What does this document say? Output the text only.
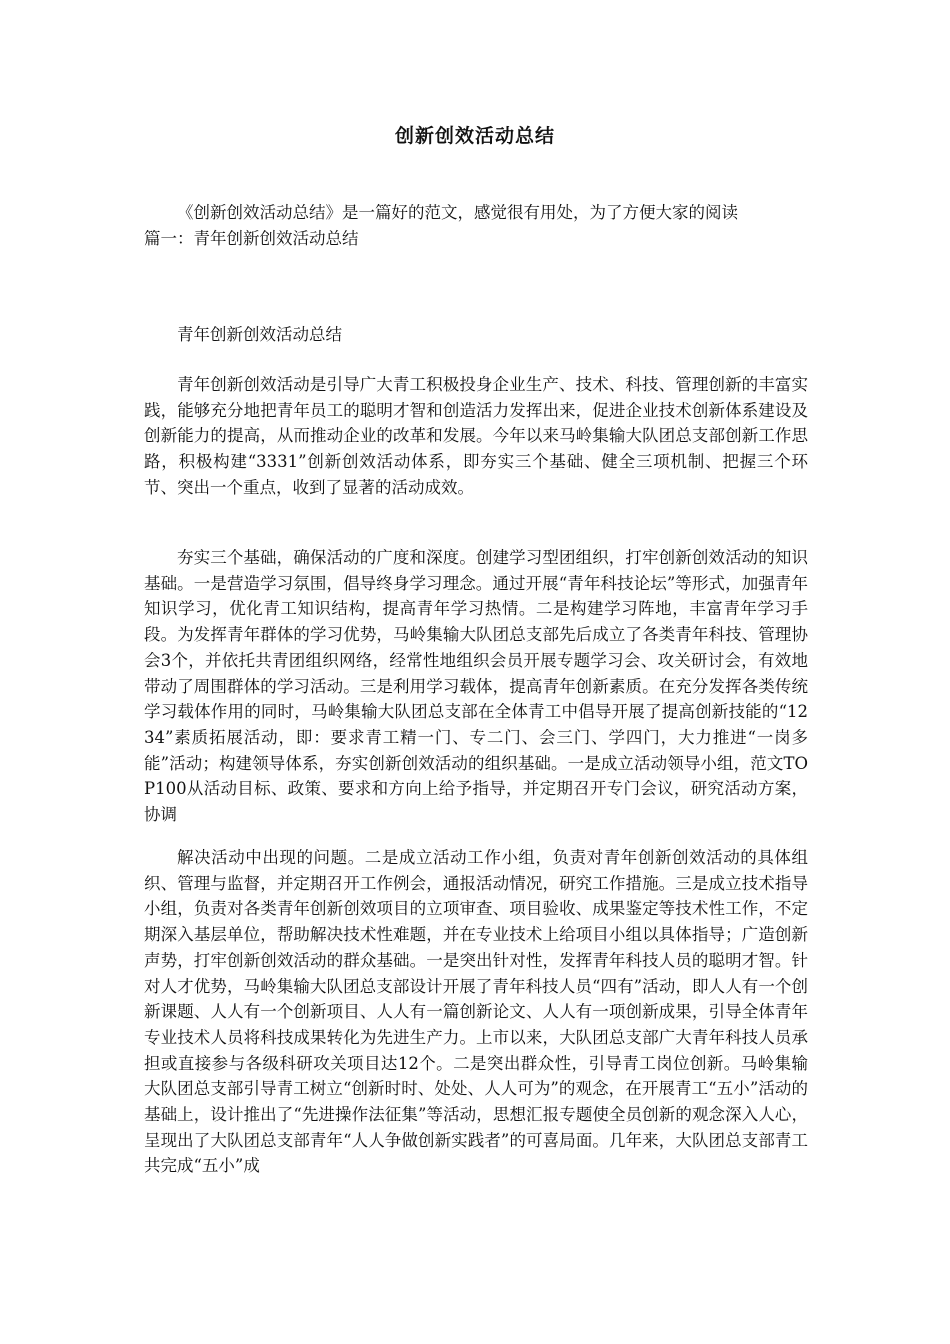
创新创效活动总结

《创新创效活动总结》是一篇好的范文，感觉很有用处，为了方便大家的阅读

篇一：青年创新创效活动总结

青年创新创效活动总结

青年创新创效活动是引导广大青工积极投身企业生产、技术、科技、管理创新的丰富实践，能够充分地把青年员工的聪明才智和创造活力发挥出来，促进企业技术创新体系建设及创新能力的提高，从而推动企业的改革和发展。今年以来马岭集输大队团总支部创新工作思路，积极构建“3331”创新创效活动体系，即夯实三个基础、健全三项机制、把握三个环节、突出一个重点，收到了显著的活动成效。

夯实三个基础，确保活动的广度和深度。创建学习型团组织，打牢创新创效活动的知识基础。一是营造学习氛围，倡导终身学习理念。通过开展“青年科技论坛”等形式，加强青年知识学习，优化青工知识结构，提高青年学习热情。二是构建学习阵地，丰富青年学习手段。为发挥青年群体的学习优势，马岭集输大队团总支部先后成立了各类青年科技、管理协会3个，并依托共青团组织网络，经常性地组织会员开展专题学习会、攻关研讨会，有效地带动了周围群体的学习活动。三是利用学习载体，提高青年创新素质。在充分发挥各类传统学习载体作用的同时，马岭集输大队团总支部在全体青工中倡导开展了提高创新技能的“1234”素质拓展活动，即：要求青工精一门、专二门、会三门、学四门，大力推进“一岗多能”活动；构建领导体系，夯实创新创效活动的组织基础。一是成立活动领导小组，范文TOP100从活动目标、政策、要求和方向上给予指导，并定期召开专门会议，研究活动方案，协调

解决活动中出现的问题。二是成立活动工作小组，负责对青年创新创效活动的具体组织、管理与监督，并定期召开工作例会，通报活动情况，研究工作措施。三是成立技术指导小组，负责对各类青年创新创效项目的立项审查、项目验收、成果鉴定等技术性工作，不定期深入基层单位，帮助解决技术性难题，并在专业技术上给项目小组以具体指导；广造创新声势，打牢创新创效活动的群众基础。一是突出针对性，发挥青年科技人员的聪明才智。针对人才优势，马岭集输大队团总支部设计开展了青年科技人员“四有”活动，即人人有一个创新课题、人人有一个创新项目、人人有一篇创新论文、人人有一项创新成果，引导全体青年专业技术人员将科技成果转化为先进生产力。上市以来，大队团总支部广大青年科技人员承担或直接参与各级科研攻关项目达12个。二是突出群众性，引导青工岗位创新。马岭集输大队团总支部引导青工树立“创新时时、处处、人人可为”的观念，在开展青工“五小”活动的基础上，设计推出了“先进操作法征集”等活动，思想汇报专题使全员创新的观念深入人心，呈现出了大队团总支部青年“人人争做创新实践者”的可喜局面。几年来，大队团总支部青工共完成“五小”成
